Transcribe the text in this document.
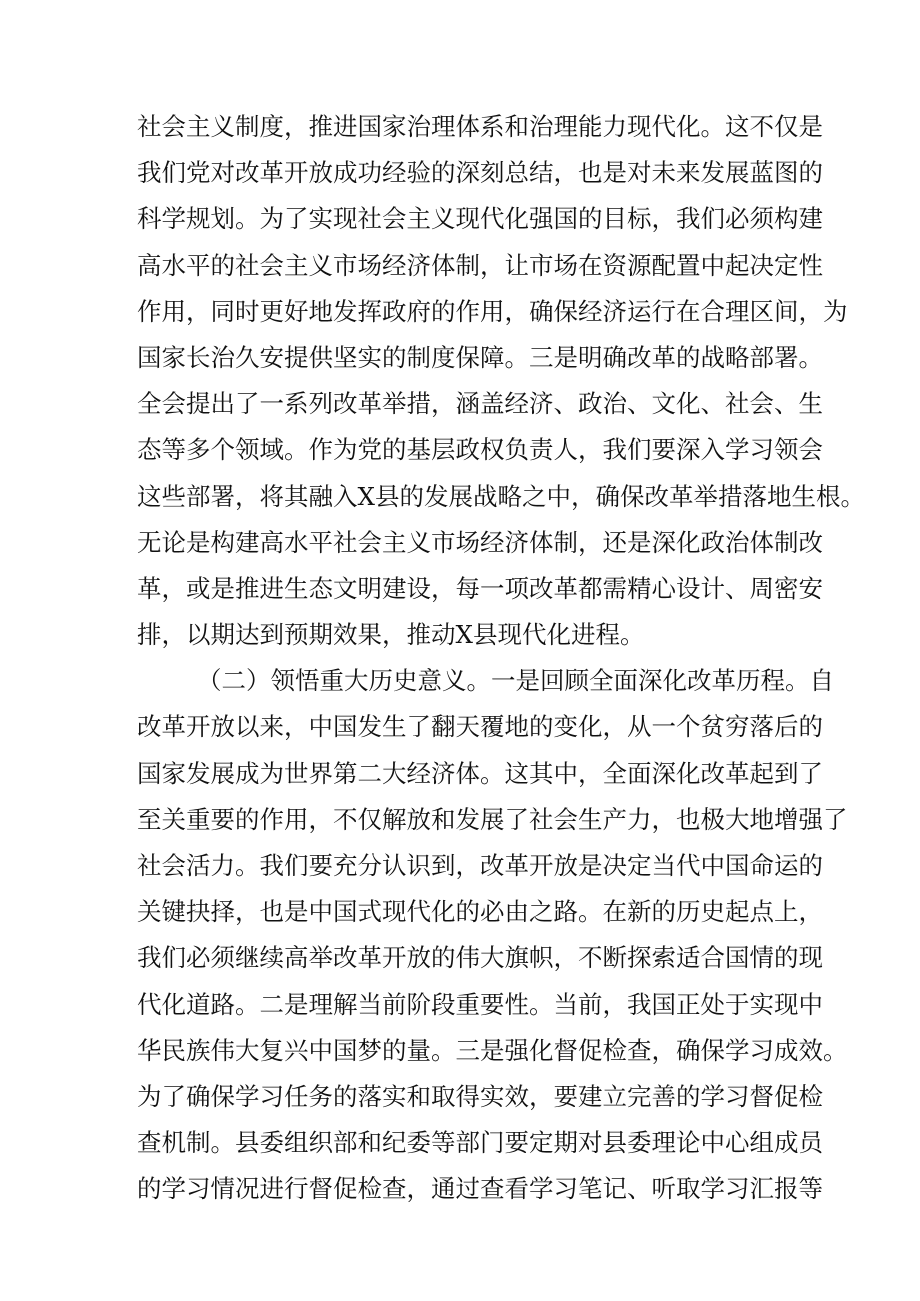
社会主义制度，推进国家治理体系和治理能力现代化。这不仅是
我们党对改革开放成功经验的深刻总结，也是对未来发展蓝图的
科学规划。为了实现社会主义现代化强国的目标，我们必须构建
高水平的社会主义市场经济体制，让市场在资源配置中起决定性
作用，同时更好地发挥政府的作用，确保经济运行在合理区间，为
国家长治久安提供坚实的制度保障。三是明确改革的战略部署。
全会提出了一系列改革举措，涵盖经济、政治、文化、社会、生
态等多个领域。作为党的基层政权负责人，我们要深入学习领会
这些部署，将其融入X县的发展战略之中，确保改革举措落地生根。
无论是构建高水平社会主义市场经济体制，还是深化政治体制改
革，或是推进生态文明建设，每一项改革都需精心设计、周密安
排，以期达到预期效果，推动X县现代化进程。
（二）领悟重大历史意义。一是回顾全面深化改革历程。自
改革开放以来，中国发生了翻天覆地的变化，从一个贫穷落后的
国家发展成为世界第二大经济体。这其中，全面深化改革起到了
至关重要的作用，不仅解放和发展了社会生产力，也极大地增强了
社会活力。我们要充分认识到，改革开放是决定当代中国命运的
关键抉择，也是中国式现代化的必由之路。在新的历史起点上，
我们必须继续高举改革开放的伟大旗帜，不断探索适合国情的现
代化道路。二是理解当前阶段重要性。当前，我国正处于实现中
华民族伟大复兴中国梦的量。三是强化督促检查，确保学习成效。
为了确保学习任务的落实和取得实效，要建立完善的学习督促检
查机制。县委组织部和纪委等部门要定期对县委理论中心组成员
的学习情况进行督促检查，通过查看学习笔记、听取学习汇报等
